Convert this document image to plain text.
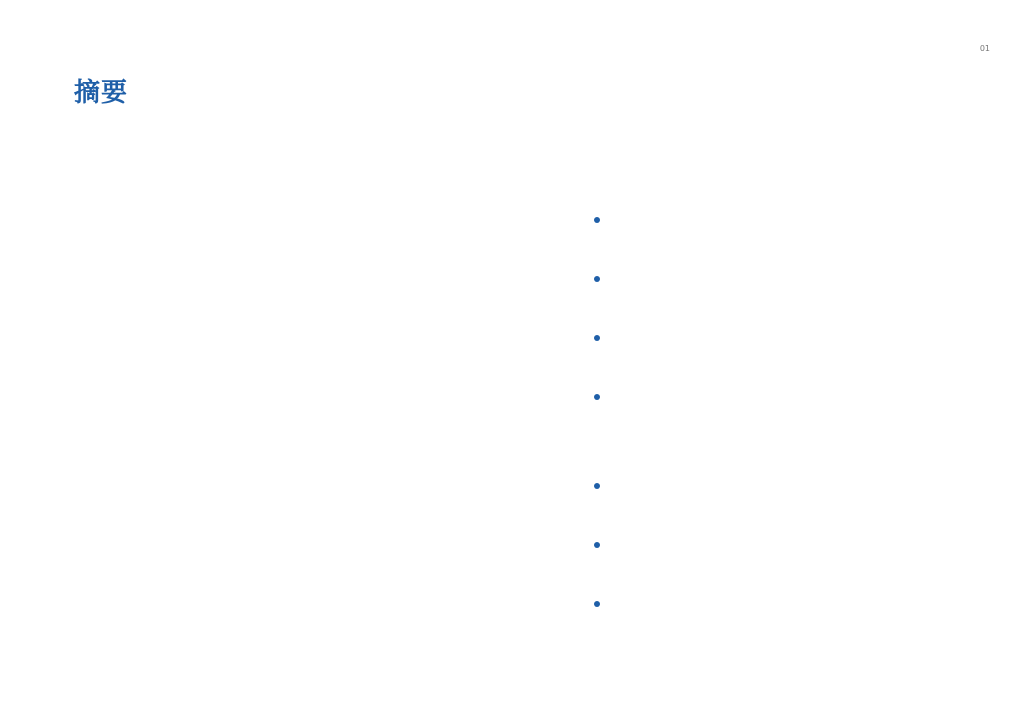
01
摘要
